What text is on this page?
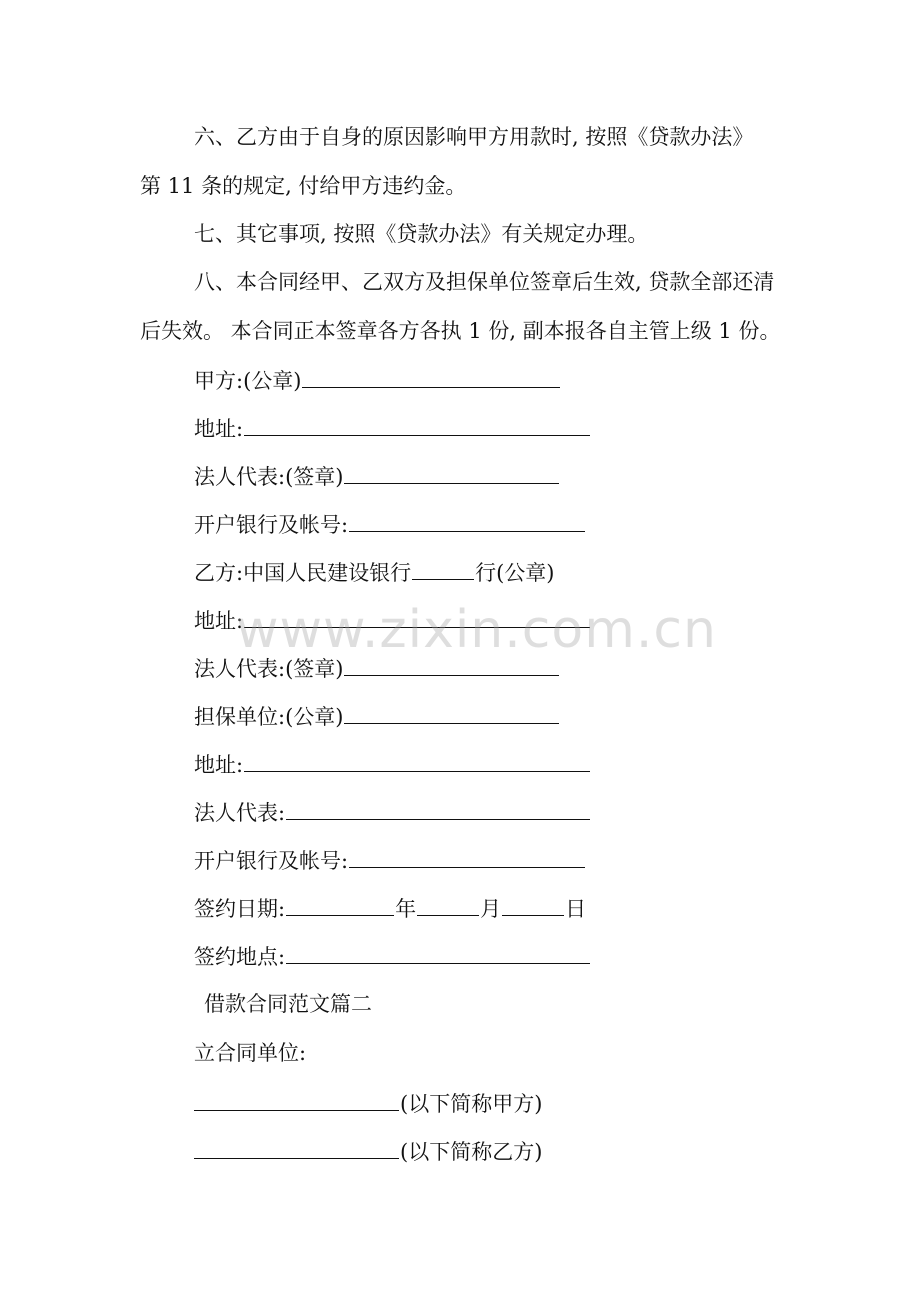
六、乙方由于自身的原因影响甲方用款时, 按照《贷款办法》
第 11 条的规定, 付给甲方违约金。
七、其它事项, 按照《贷款办法》有关规定办理。
八、本合同经甲、乙双方及担保单位签章后生效, 贷款全部还清
后失效。 本合同正本签章各方各执 1 份, 副本报各自主管上级 1 份。
甲方:(公章)
地址:
法人代表:(签章)
开户银行及帐号:
乙方:中国人民建设银行	行(公章)
地址:
法人代表:(签章)
担保单位:(公章)
地址:
法人代表:
开户银行及帐号:
签约日期:	年	月	日
签约地点:
借款合同范文篇二
立合同单位:
(以下简称甲方)
(以下简称乙方)
www.zixin.com.cn
